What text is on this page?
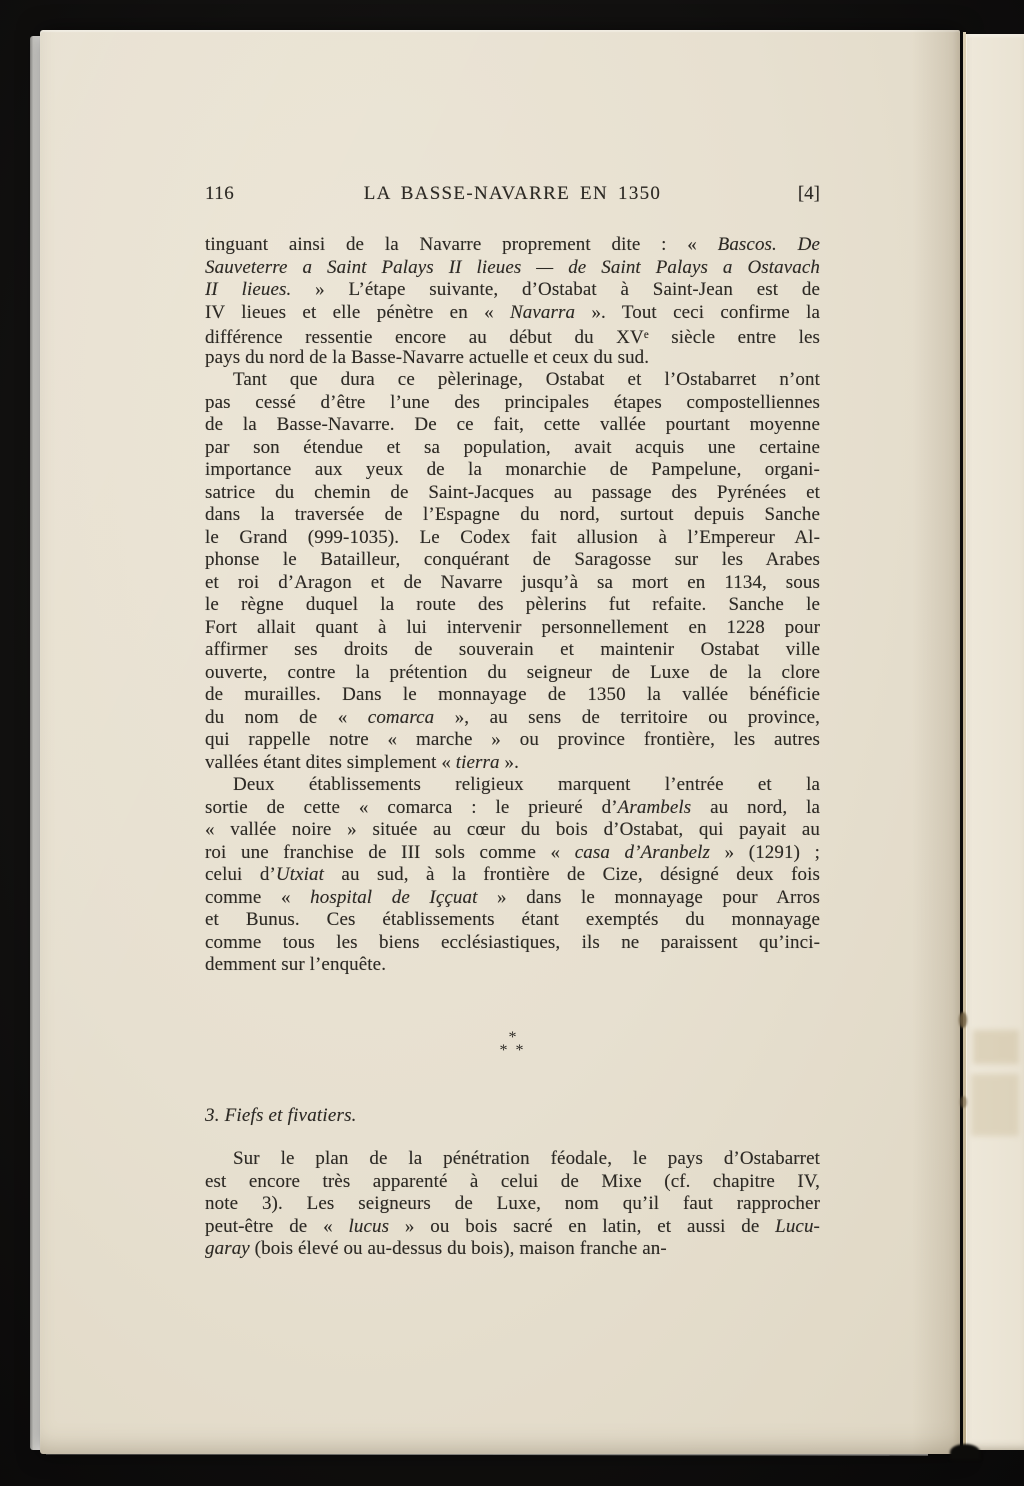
116	LA BASSE-NAVARRE EN 1350	[4]

tinguant ainsi de la Navarre proprement dite : « Bascos. De
Sauveterre a Saint Palays II lieues — de Saint Palays a Ostavach
II lieues. » L’étape suivante, d’Ostabat à Saint-Jean est de
IV lieues et elle pénètre en « Navarra ». Tout ceci confirme la
différence ressentie encore au début du XVe siècle entre les
pays du nord de la Basse-Navarre actuelle et ceux du sud.

Tant que dura ce pèlerinage, Ostabat et l’Ostabarret n’ont
pas cessé d’être l’une des principales étapes compostelliennes
de la Basse-Navarre. De ce fait, cette vallée pourtant moyenne
par son étendue et sa population, avait acquis une certaine
importance aux yeux de la monarchie de Pampelune, organi-
satrice du chemin de Saint-Jacques au passage des Pyrénées et
dans la traversée de l’Espagne du nord, surtout depuis Sanche
le Grand (999-1035). Le Codex fait allusion à l’Empereur Al-
phonse le Batailleur, conquérant de Saragosse sur les Arabes
et roi d’Aragon et de Navarre jusqu’à sa mort en 1134, sous
le règne duquel la route des pèlerins fut refaite. Sanche le
Fort allait quant à lui intervenir personnellement en 1228 pour
affirmer ses droits de souverain et maintenir Ostabat ville
ouverte, contre la prétention du seigneur de Luxe de la clore
de murailles. Dans le monnayage de 1350 la vallée bénéficie
du nom de « comarca », au sens de territoire ou province,
qui rappelle notre « marche » ou province frontière, les autres
vallées étant dites simplement « tierra ».

Deux établissements religieux marquent l’entrée et la
sortie de cette « comarca : le prieuré d’Arambels au nord, la
« vallée noire » située au cœur du bois d’Ostabat, qui payait au
roi une franchise de III sols comme « casa d’Aranbelz » (1291) ;
celui d’Utxiat au sud, à la frontière de Cize, désigné deux fois
comme « hospital de Iççuat » dans le monnayage pour Arros
et Bunus. Ces établissements étant exemptés du monnayage
comme tous les biens ecclésiastiques, ils ne paraissent qu’inci-
demment sur l’enquête.

*
* *
3. Fiefs et fivatiers.

Sur le plan de la pénétration féodale, le pays d’Ostabarret
est encore très apparenté à celui de Mixe (cf. chapitre IV,
note 3). Les seigneurs de Luxe, nom qu’il faut rapprocher
peut-être de « lucus » ou bois sacré en latin, et aussi de Lucu-
garay (bois élevé ou au-dessus du bois), maison franche an-
